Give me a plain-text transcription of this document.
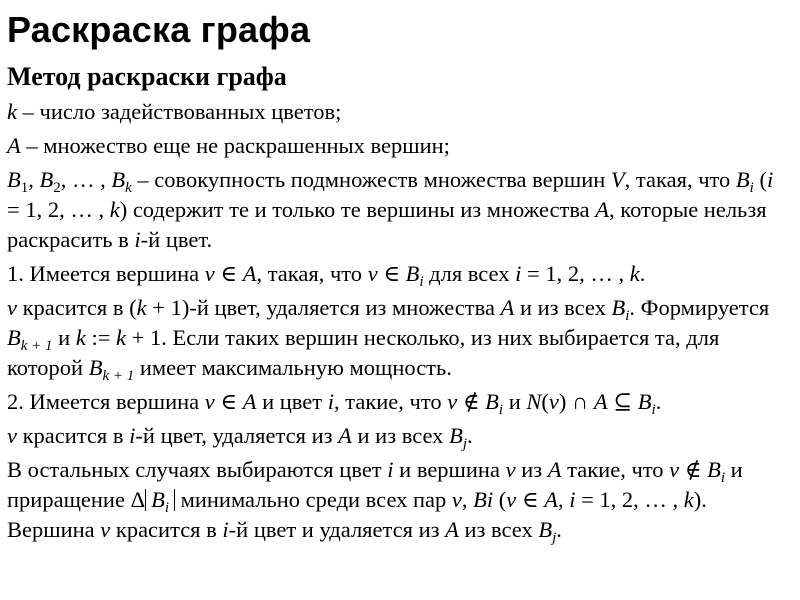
Раскраска графа
Метод раскраски графа
k – число задействованных цветов;
A – множество еще не раскрашенных вершин;
$B_1$, $B_2$, … , $B_k$ – совокупность подмножеств множества вершин V, такая, что $B_i$ (i = 1, 2, … , k) содержит те и только те вершины из множества A, которые нельзя раскрасить в i-й цвет.
1. Имеется вершина v ∈ A, такая, что v ∈ $B_i$ для всех i = 1, 2, … , k.
v красится в (k + 1)-й цвет, удаляется из множества A и из всех $B_i$. Формируется $B_{k + 1}$ и k := k + 1. Если таких вершин несколько, из них выбирается та, для которой $B_{k + 1}$ имеет максимальную мощность.
2. Имеется вершина v ∈ A и цвет i, такие, что v ∉ $B_i$ и N(v) ∩ A ⊆ $B_i$.
v красится в i-й цвет, удаляется из A и из всех $B_j$.
В остальных случаях выбираются цвет i и вершина v из A такие, что v ∉ $B_i$ и приращение Δ $B_i$ минимально среди всех пар v, Bi (v ∈ A, i = 1, 2, … , k). Вершина v красится в i-й цвет и удаляется из A из всех $B_j$.
